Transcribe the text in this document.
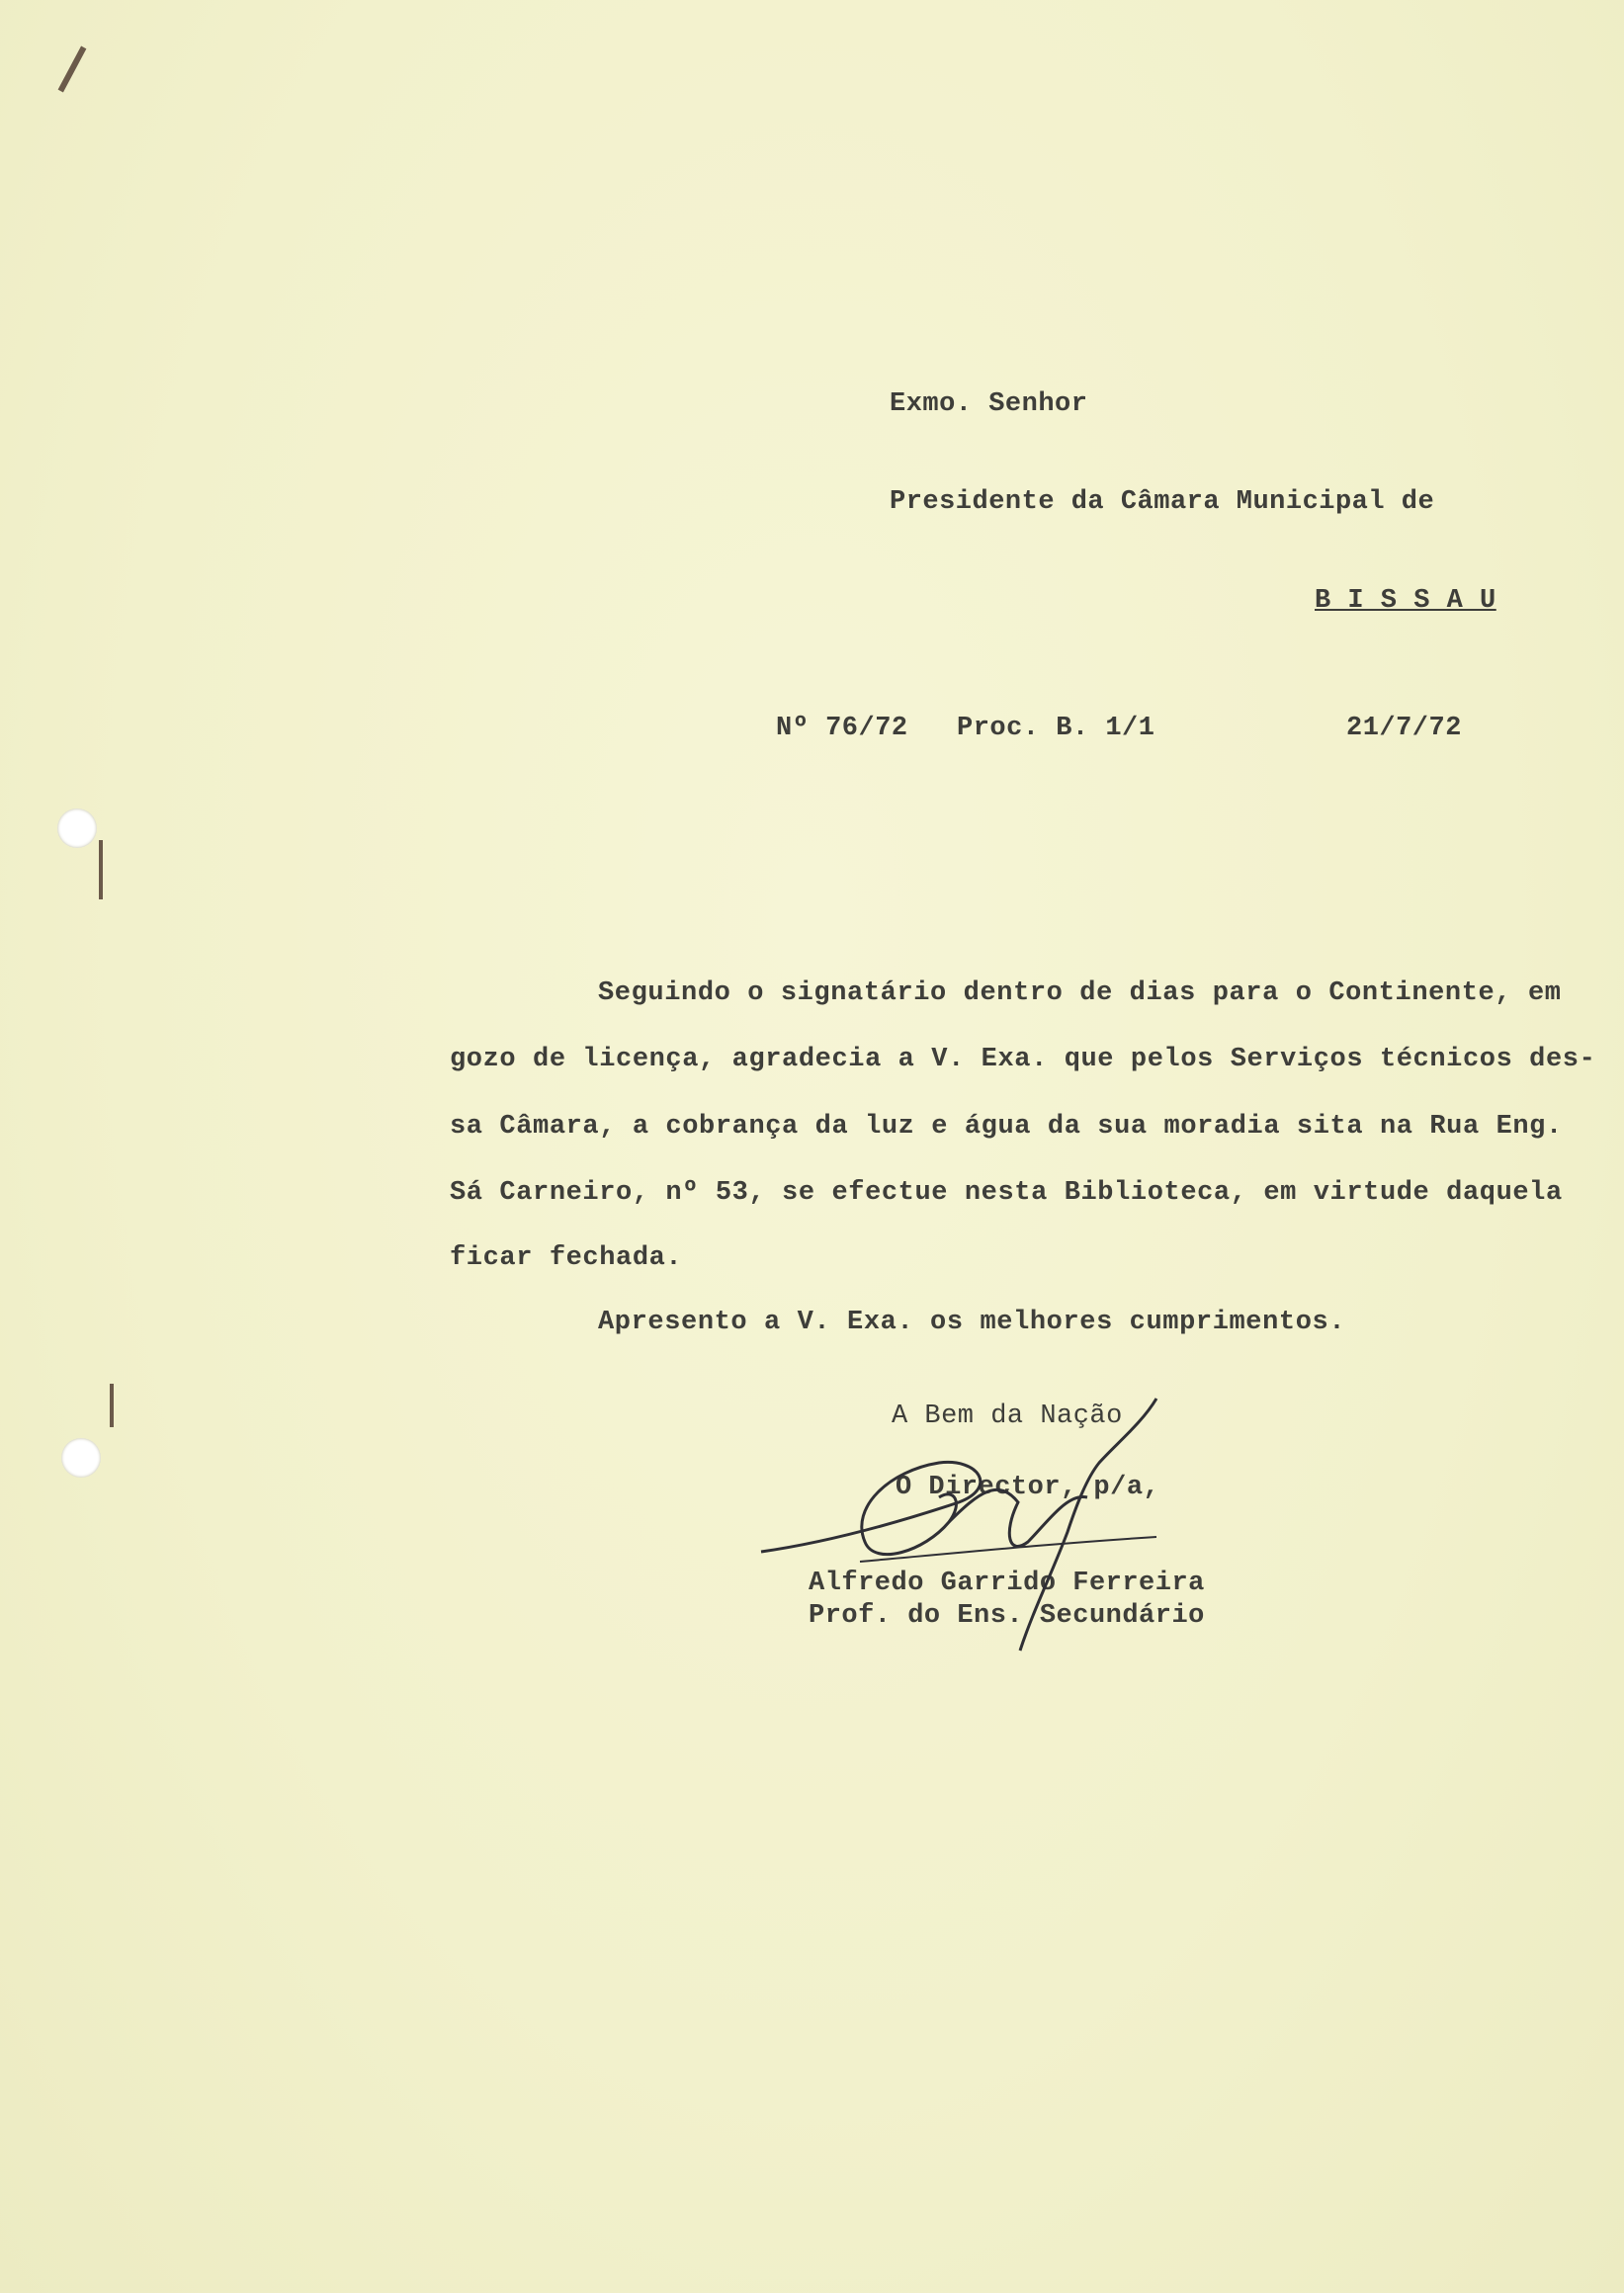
Exmo. Senhor
Presidente da Câmara Municipal de
B I S S A U
Nº 76/72 Proc. B. 1/1	21/7/72
Seguindo o signatário dentro de dias para o Continente, em
gozo de licença, agradecia a V. Exa. que pelos Serviços técnicos des-
sa Câmara, a cobrança da luz e água da sua moradia sita na Rua Eng.
Sá Carneiro, nº 53, se efectue nesta Biblioteca, em virtude daquela
ficar fechada.
Apresento a V. Exa. os melhores cumprimentos.
A Bem da Nação
O Director, p/a,
Alfredo Garrido Ferreira
Prof. do Ens. Secundário
